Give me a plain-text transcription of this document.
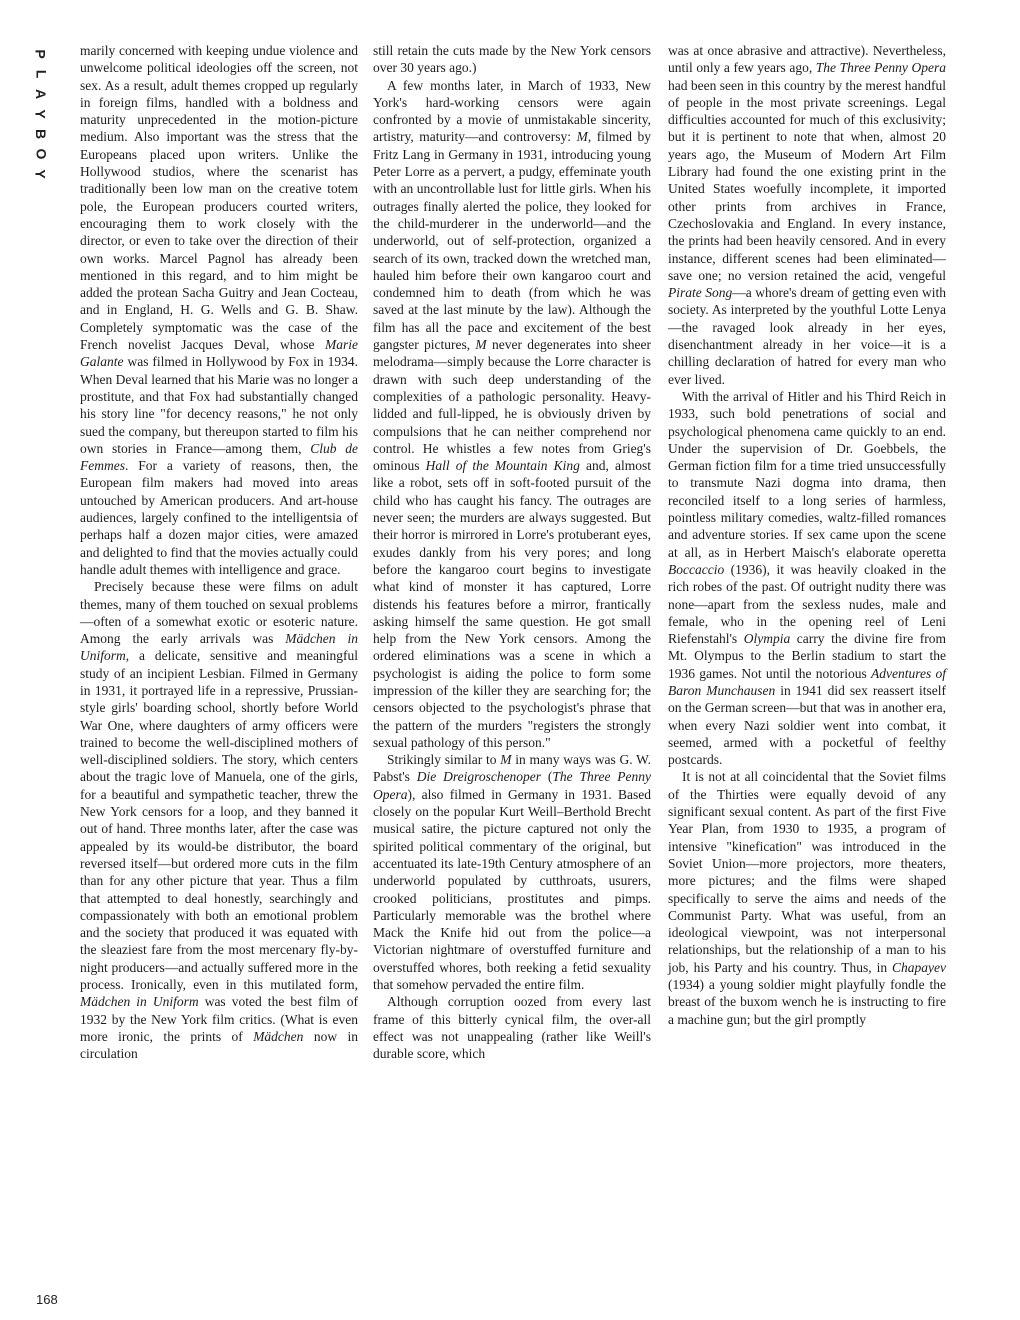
P
L
A
Y
B
O
Y
168

marily concerned with keeping undue violence and unwelcome political ideologies off the screen, not sex. As a result, adult themes cropped up regularly in foreign films, handled with a boldness and maturity unprecedented in the motion-picture medium. Also important was the stress that the Europeans placed upon writers. Unlike the Hollywood studios, where the scenarist has traditionally been low man on the creative totem pole, the European producers courted writers, encouraging them to work closely with the director, or even to take over the direction of their own works. Marcel Pagnol has already been mentioned in this regard, and to him might be added the protean Sacha Guitry and Jean Cocteau, and in England, H. G. Wells and G. B. Shaw. Completely symptomatic was the case of the French novelist Jacques Deval, whose Marie Galante was filmed in Hollywood by Fox in 1934. When Deval learned that his Marie was no longer a prostitute, and that Fox had substantially changed his story line "for decency reasons," he not only sued the company, but thereupon started to film his own stories in France—among them, Club de Femmes. For a variety of reasons, then, the European film makers had moved into areas untouched by American producers. And art-house audiences, largely confined to the intelligentsia of perhaps half a dozen major cities, were amazed and delighted to find that the movies actually could handle adult themes with intelligence and grace.

Precisely because these were films on adult themes, many of them touched on sexual problems—often of a somewhat exotic or esoteric nature. Among the early arrivals was Mädchen in Uniform, a delicate, sensitive and meaningful study of an incipient Lesbian. Filmed in Germany in 1931, it portrayed life in a repressive, Prussian-style girls' boarding school, shortly before World War One, where daughters of army officers were trained to become the well-disciplined mothers of well-disciplined soldiers. The story, which centers about the tragic love of Manuela, one of the girls, for a beautiful and sympathetic teacher, threw the New York censors for a loop, and they banned it out of hand. Three months later, after the case was appealed by its would-be distributor, the board reversed itself—but ordered more cuts in the film than for any other picture that year. Thus a film that attempted to deal honestly, searchingly and compassionately with both an emotional problem and the society that produced it was equated with the sleaziest fare from the most mercenary fly-by-night producers—and actually suffered more in the process. Ironically, even in this mutilated form, Mädchen in Uniform was voted the best film of 1932 by the New York film critics. (What is even more ironic, the prints of Mädchen now in circulation

still retain the cuts made by the New York censors over 30 years ago.)

A few months later, in March of 1933, New York's hard-working censors were again confronted by a movie of unmistakable sincerity, artistry, maturity—and controversy: M, filmed by Fritz Lang in Germany in 1931, introducing young Peter Lorre as a pervert, a pudgy, effeminate youth with an uncontrollable lust for little girls. When his outrages finally alerted the police, they looked for the child-murderer in the underworld—and the underworld, out of self-protection, organized a search of its own, tracked down the wretched man, hauled him before their own kangaroo court and condemned him to death (from which he was saved at the last minute by the law). Although the film has all the pace and excitement of the best gangster pictures, M never degenerates into sheer melodrama—simply because the Lorre character is drawn with such deep understanding of the complexities of a pathologic personality. Heavy-lidded and full-lipped, he is obviously driven by compulsions that he can neither comprehend nor control. He whistles a few notes from Grieg's ominous Hall of the Mountain King and, almost like a robot, sets off in soft-footed pursuit of the child who has caught his fancy. The outrages are never seen; the murders are always suggested. But their horror is mirrored in Lorre's protuberant eyes, exudes dankly from his very pores; and long before the kangaroo court begins to investigate what kind of monster it has captured, Lorre distends his features before a mirror, frantically asking himself the same question. He got small help from the New York censors. Among the ordered eliminations was a scene in which a psychologist is aiding the police to form some impression of the killer they are searching for; the censors objected to the psychologist's phrase that the pattern of the murders "registers the strongly sexual pathology of this person."

Strikingly similar to M in many ways was G. W. Pabst's Die Dreigroschenoper (The Three Penny Opera), also filmed in Germany in 1931. Based closely on the popular Kurt Weill–Berthold Brecht musical satire, the picture captured not only the spirited political commentary of the original, but accentuated its late-19th Century atmosphere of an underworld populated by cutthroats, usurers, crooked politicians, prostitutes and pimps. Particularly memorable was the brothel where Mack the Knife hid out from the police—a Victorian nightmare of overstuffed furniture and overstuffed whores, both reeking a fetid sexuality that somehow pervaded the entire film.

Although corruption oozed from every last frame of this bitterly cynical film, the over-all effect was not unappealing (rather like Weill's durable score, which

was at once abrasive and attractive). Nevertheless, until only a few years ago, The Three Penny Opera had been seen in this country by the merest handful of people in the most private screenings. Legal difficulties accounted for much of this exclusivity; but it is pertinent to note that when, almost 20 years ago, the Museum of Modern Art Film Library had found the one existing print in the United States woefully incomplete, it imported other prints from archives in France, Czechoslovakia and England. In every instance, the prints had been heavily censored. And in every instance, different scenes had been eliminated—save one; no version retained the acid, vengeful Pirate Song—a whore's dream of getting even with society. As interpreted by the youthful Lotte Lenya—the ravaged look already in her eyes, disenchantment already in her voice—it is a chilling declaration of hatred for every man who ever lived.

With the arrival of Hitler and his Third Reich in 1933, such bold penetrations of social and psychological phenomena came quickly to an end. Under the supervision of Dr. Goebbels, the German fiction film for a time tried unsuccessfully to transmute Nazi dogma into drama, then reconciled itself to a long series of harmless, pointless military comedies, waltz-filled romances and adventure stories. If sex came upon the scene at all, as in Herbert Maisch's elaborate operetta Boccaccio (1936), it was heavily cloaked in the rich robes of the past. Of outright nudity there was none—apart from the sexless nudes, male and female, who in the opening reel of Leni Riefenstahl's Olympia carry the divine fire from Mt. Olympus to the Berlin stadium to start the 1936 games. Not until the notorious Adventures of Baron Munchausen in 1941 did sex reassert itself on the German screen—but that was in another era, when every Nazi soldier went into combat, it seemed, armed with a pocketful of feelthy postcards.

It is not at all coincidental that the Soviet films of the Thirties were equally devoid of any significant sexual content. As part of the first Five Year Plan, from 1930 to 1935, a program of intensive "kinefication" was introduced in the Soviet Union—more projectors, more theaters, more pictures; and the films were shaped specifically to serve the aims and needs of the Communist Party. What was useful, from an ideological viewpoint, was not interpersonal relationships, but the relationship of a man to his job, his Party and his country. Thus, in Chapayev (1934) a young soldier might playfully fondle the breast of the buxom wench he is instructing to fire a machine gun; but the girl promptly
